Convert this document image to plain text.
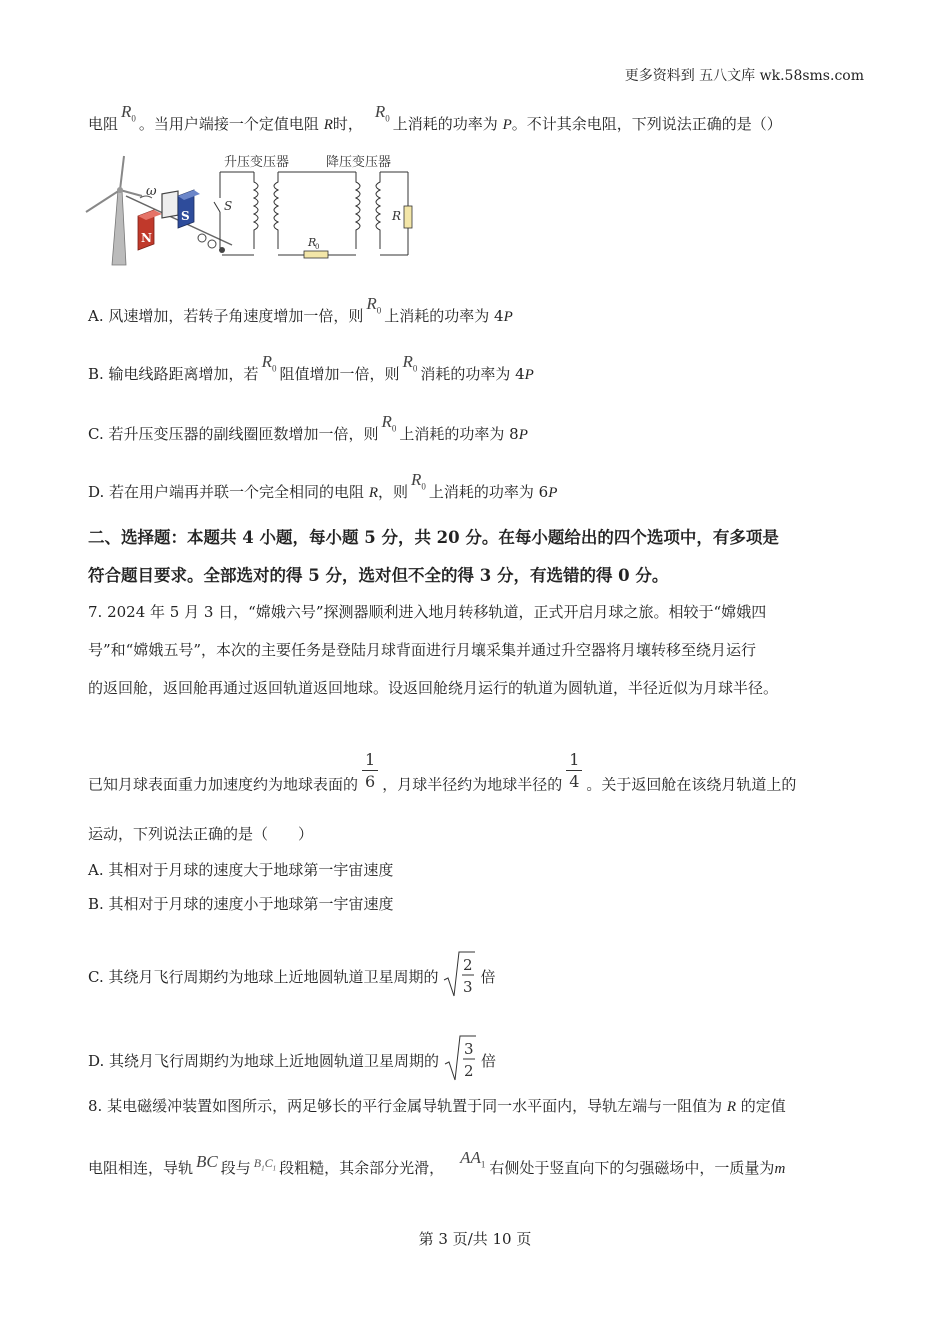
更多资料到 五八文库 wk.58sms.com
电阻$R_0$ 。当用户端接一个定值电阻 R时，$R_0$ 上消耗的功率为 P。不计其余电阻，下列说法正确的是（）
ω
N
S
S
升压变压器
R
0
降压变压器
R
A. 风速增加，若转子角速度增加一倍，则$R_0$ 上消耗的功率为 4P
B. 输电线路距离增加，若$R_0$ 阻值增加一倍，则$R_0$ 消耗的功率为 4P
C. 若升压变压器的副线圈匝数增加一倍，则$R_0$ 上消耗的功率为 8P
D. 若在用户端再并联一个完全相同的电阻 R，则$R_0$ 上消耗的功率为 6P
二、选择题：本题共 4 小题，每小题 5 分，共 20 分。在每小题给出的四个选项中，有多项是
符合题目要求。全部选对的得 5 分，选对但不全的得 3 分，有选错的得 0 分。
7. 2024 年 5 月 3 日，“嫦娥六号”探测器顺利进入地月转移轨道，正式开启月球之旅。相较于“嫦娥四
号”和“嫦娥五号”，本次的主要任务是登陆月球背面进行月壤采集并通过升空器将月壤转移至绕月运行
的返回舱，返回舱再通过返回轨道返回地球。设返回舱绕月运行的轨道为圆轨道，半径近似为月球半径。
已知月球表面重力加速度约为地球表面的 $\frac{1}{6}$ ，月球半径约为地球半径的 $\frac{1}{4}$ 。关于返回舱在该绕月轨道上的
运动，下列说法正确的是（　　）
A. 其相对于月球的速度大于地球第一宇宙速度
B. 其相对于月球的速度小于地球第一宇宙速度
C. 其绕月飞行周期约为地球上近地圆轨道卫星周期的
2
3
倍
D. 其绕月飞行周期约为地球上近地圆轨道卫星周期的
3
2
倍
8. 某电磁缓冲装置如图所示，两足够长的平行金属导轨置于同一水平面内，导轨左端与一阻值为 R 的定值
电阻相连，导轨 BC 段与 $^{B_1C_1}$ 段粗糙，其余部分光滑，$AA_1$ 右侧处于竖直向下的匀强磁场中，一质量为m
第 3 页/共 10 页
